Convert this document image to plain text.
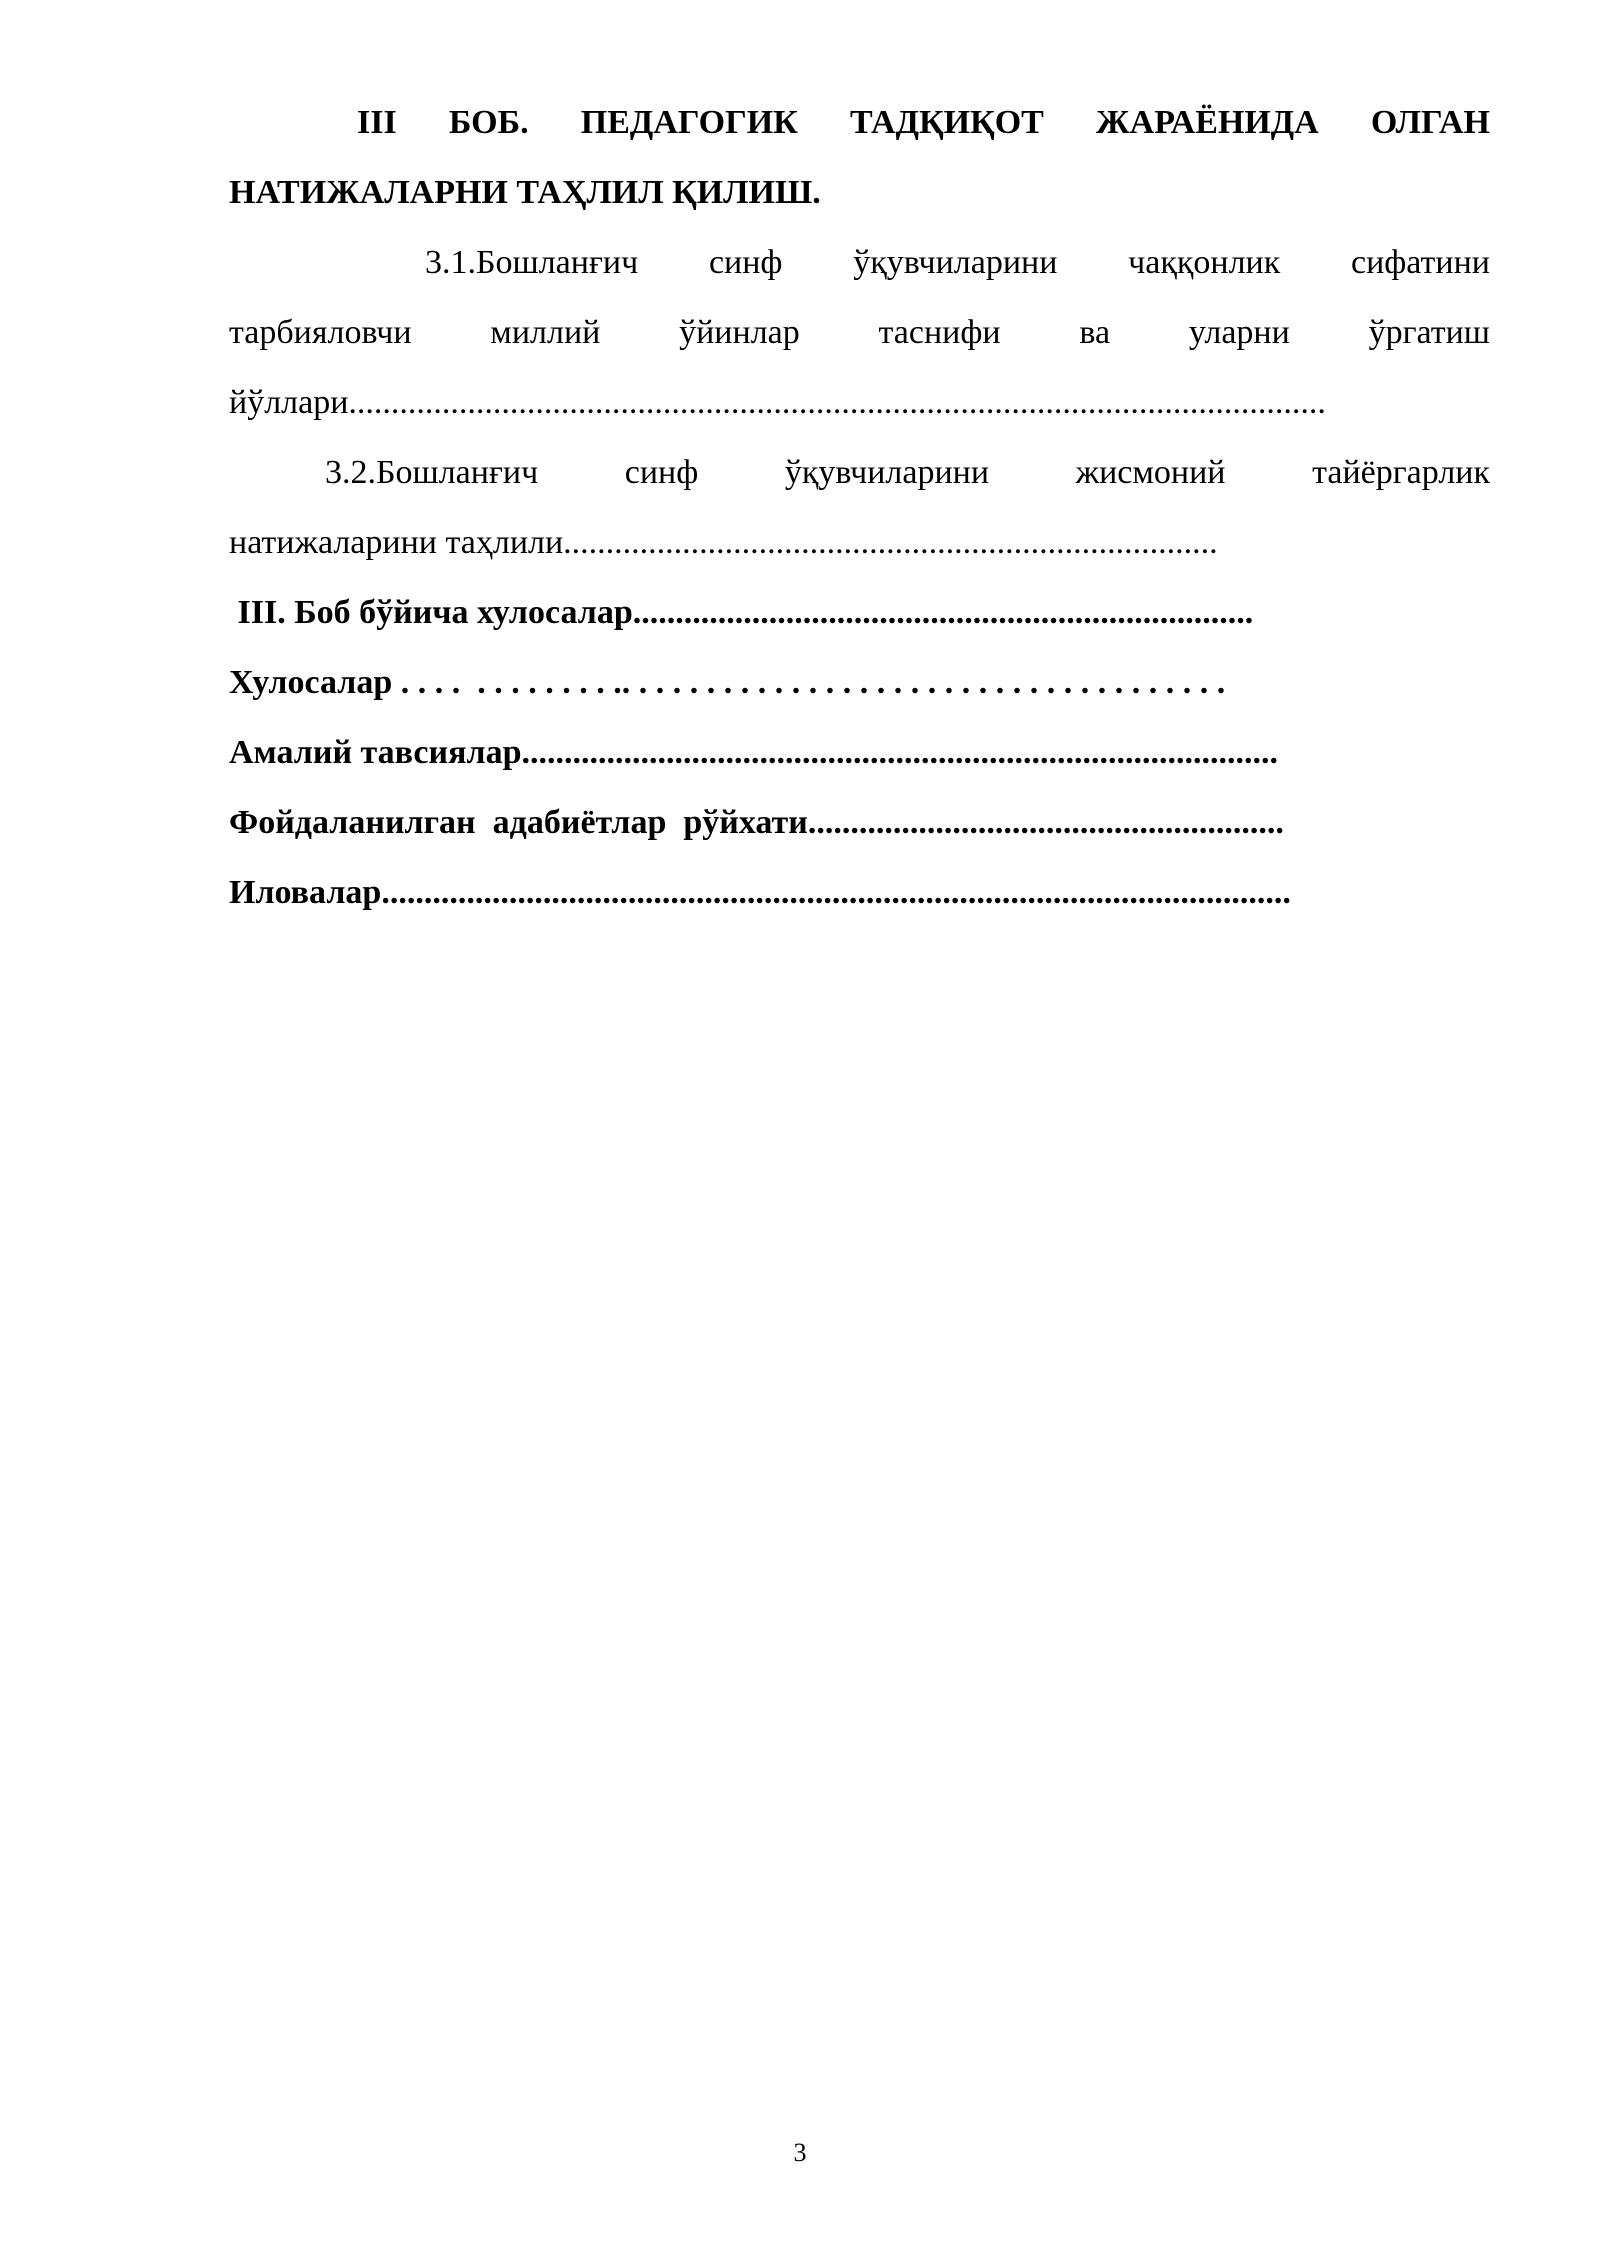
III БОБ. ПЕДАГОГИК ТАДҚИҚОТ ЖАРАЁНИДА ОЛГАН
НАТИЖАЛАРНИ ТАҲЛИЛ ҚИЛИШ.
3.1.Бошланғич синф ўқувчиларини чаққонлик сифатини
тарбияловчи миллий ўйинлар таснифи ва уларни ўргатиш
йўллари...................................................................................................................
3.2.Бошланғич	синф	ўқувчиларини	жисмоний	тайёргарлик
натижаларини таҳлили.............................................................................
III. Боб бўйича хулосалар.........................................................................
Хулосалар . . . .  . . . . . . . . .. . . . . . . . . . . . . . . . . . . . . . . . . . . . . . . . . . . .
Амалий тавсиялар.........................................................................................
Фойдаланилган  адабиётлар  рўйхати........................................................
Иловалар...........................................................................................................
3
